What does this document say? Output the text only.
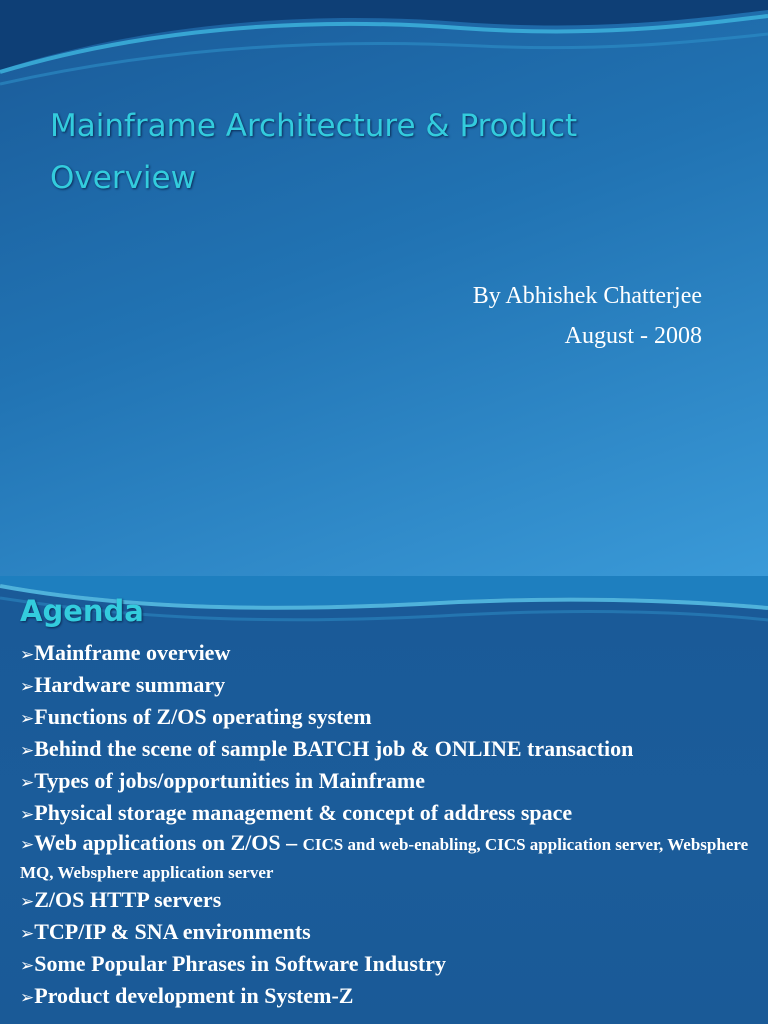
Mainframe Architecture & Product Overview
By Abhishek Chatterjee
August - 2008
Agenda
➢Mainframe overview
➢Hardware summary
➢Functions of Z/OS operating system
➢Behind the scene of sample BATCH job & ONLINE transaction
➢Types of jobs/opportunities in Mainframe
➢Physical storage management & concept of address space
➢Web applications on Z/OS – CICS and web-enabling, CICS application server, Websphere MQ, Websphere application server
➢Z/OS HTTP servers
➢TCP/IP & SNA environments
➢Some Popular Phrases in Software Industry
➢Product development in System-Z
